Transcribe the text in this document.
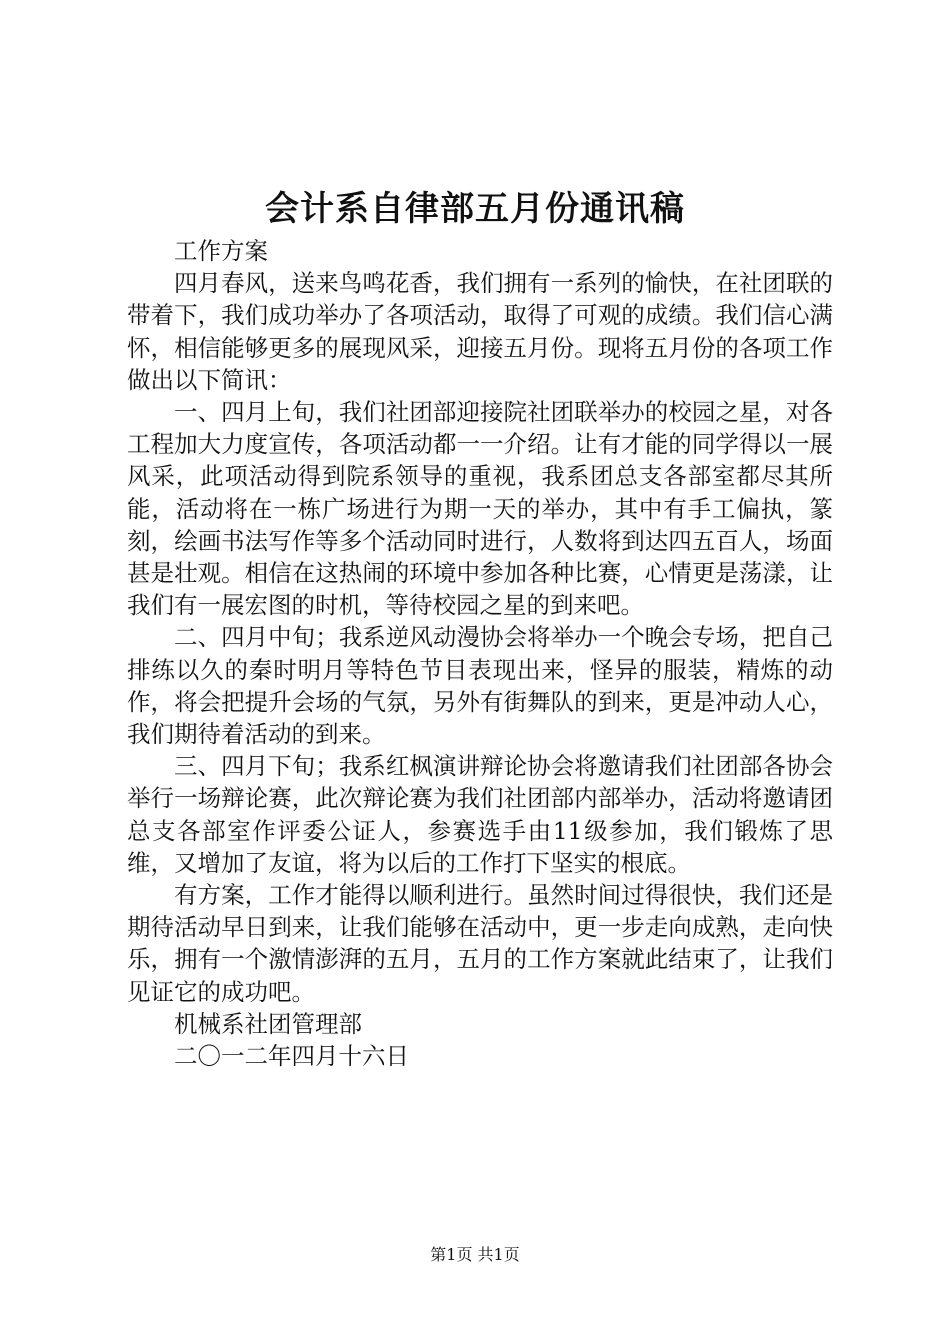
会计系自律部五月份通讯稿

工作方案

四月春风，送来鸟鸣花香，我们拥有一系列的愉快，在社团联的带着下，我们成功举办了各项活动，取得了可观的成绩。我们信心满怀，相信能够更多的展现风采，迎接五月份。现将五月份的各项工作做出以下简讯：

一、四月上旬，我们社团部迎接院社团联举办的校园之星，对各工程加大力度宣传，各项活动都一一介绍。让有才能的同学得以一展风采，此项活动得到院系领导的重视，我系团总支各部室都尽其所能，活动将在一栋广场进行为期一天的举办，其中有手工偏执，篆刻，绘画书法写作等多个活动同时进行，人数将到达四五百人，场面甚是壮观。相信在这热闹的环境中参加各种比赛，心情更是荡漾，让我们有一展宏图的时机，等待校园之星的到来吧。

二、四月中旬；我系逆风动漫协会将举办一个晚会专场，把自己排练以久的秦时明月等特色节目表现出来，怪异的服装，精炼的动作，将会把提升会场的气氛，另外有街舞队的到来，更是冲动人心，我们期待着活动的到来。

三、四月下旬；我系红枫演讲辩论协会将邀请我们社团部各协会举行一场辩论赛，此次辩论赛为我们社团部内部举办，活动将邀请团总支各部室作评委公证人，参赛选手由11级参加，我们锻炼了思维，又增加了友谊，将为以后的工作打下坚实的根底。

有方案，工作才能得以顺利进行。虽然时间过得很快，我们还是期待活动早日到来，让我们能够在活动中，更一步走向成熟，走向快乐，拥有一个激情澎湃的五月，五月的工作方案就此结束了，让我们见证它的成功吧。

机械系社团管理部

二〇一二年四月十六日

第1页 共1页
